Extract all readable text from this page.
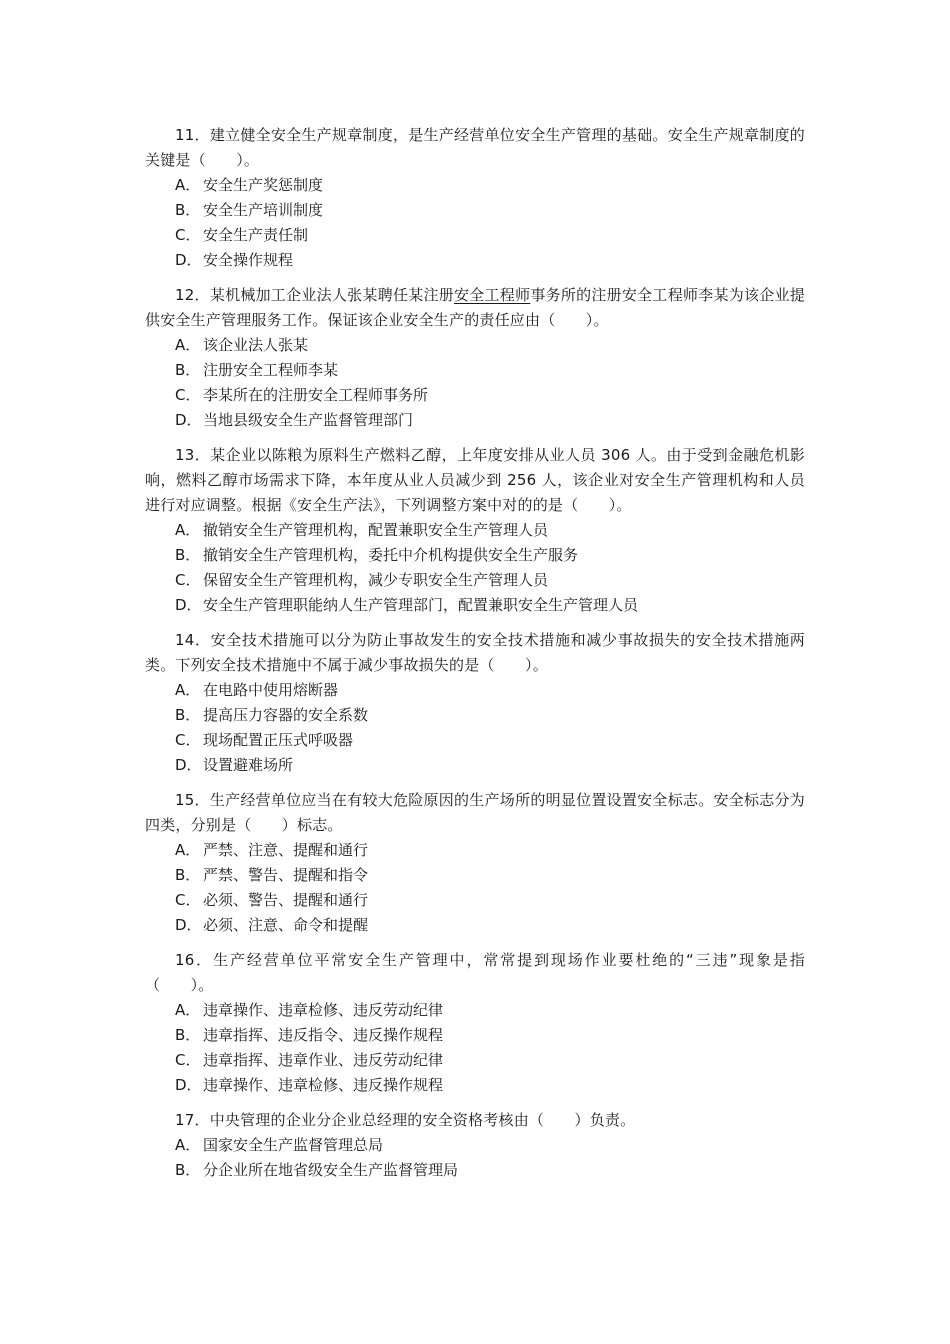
11．建立健全安全生产规章制度，是生产经营单位安全生产管理的基础。安全生产规章制度的关键是（　　）。

A． 安全生产奖惩制度
B． 安全生产培训制度
C． 安全生产责任制
D．安全操作规程

12．某机械加工企业法人张某聘任某注册安全工程师事务所的注册安全工程师李某为该企业提供安全生产管理服务工作。保证该企业安全生产的责任应由（　　）。

A． 该企业法人张某
B． 注册安全工程师李某
C． 李某所在的注册安全工程师事务所
D．当地县级安全生产监督管理部门

13．某企业以陈粮为原料生产燃料乙醇，上年度安排从业人员 306 人。由于受到金融危机影响，燃料乙醇市场需求下降，本年度从业人员减少到 256 人，该企业对安全生产管理机构和人员进行对应调整。根据《安全生产法》，下列调整方案中对的的是（　　）。

A． 撤销安全生产管理机构，配置兼职安全生产管理人员
B． 撤销安全生产管理机构，委托中介机构提供安全生产服务
C． 保留安全生产管理机构，减少专职安全生产管理人员
D．安全生产管理职能纳人生产管理部门，配置兼职安全生产管理人员

14．安全技术措施可以分为防止事故发生的安全技术措施和减少事故损失的安全技术措施两类。下列安全技术措施中不属于减少事故损失的是（　　）。

A． 在电路中使用熔断器
B． 提高压力容器的安全系数
C． 现场配置正压式呼吸器
D．设置避难场所

15．生产经营单位应当在有较大危险原因的生产场所的明显位置设置安全标志。安全标志分为四类，分别是（　　）标志。

A． 严禁、注意、提醒和通行
B． 严禁、警告、提醒和指令
C． 必须、警告、提醒和通行
D．必须、注意、命令和提醒

16．生产经营单位平常安全生产管理中，常常提到现场作业要杜绝的“三违”现象是指（　　）。

A． 违章操作、违章检修、违反劳动纪律
B． 违章指挥、违反指令、违反操作规程
C． 违章指挥、违章作业、违反劳动纪律
D．违章操作、违章检修、违反操作规程

17．中央管理的企业分企业总经理的安全资格考核由（　　）负责。

A． 国家安全生产监督管理总局
B． 分企业所在地省级安全生产监督管理局
